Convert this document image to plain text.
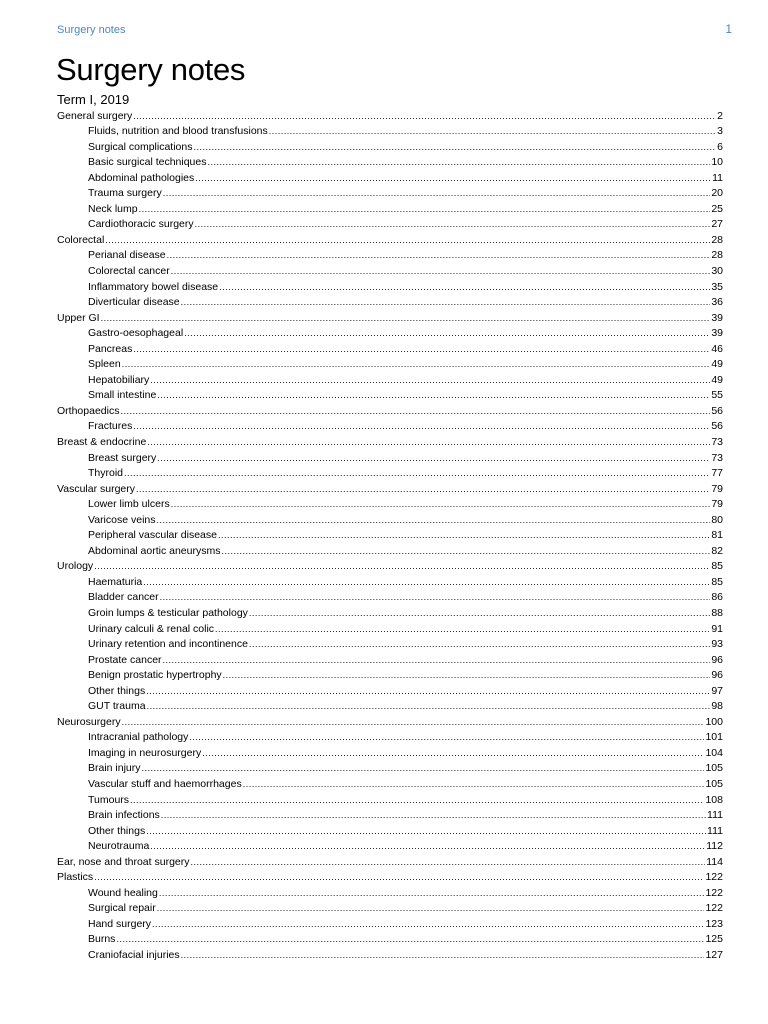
Surgery notes	1
Surgery notes
Term I, 2019
General surgery .....	2
Fluids, nutrition and blood transfusions .....	3
Surgical complications .....	6
Basic surgical techniques .....	10
Abdominal pathologies .....	11
Trauma surgery .....	20
Neck lump .....	25
Cardiothoracic surgery .....	27
Colorectal .....	28
Perianal disease .....	28
Colorectal cancer .....	30
Inflammatory bowel disease .....	35
Diverticular disease .....	36
Upper GI .....	39
Gastro-oesophageal .....	39
Pancreas .....	46
Spleen .....	49
Hepatobiliary .....	49
Small intestine .....	55
Orthopaedics .....	56
Fractures .....	56
Breast & endocrine .....	73
Breast surgery .....	73
Thyroid .....	77
Vascular surgery .....	79
Lower limb ulcers .....	79
Varicose veins .....	80
Peripheral vascular disease .....	81
Abdominal aortic aneurysms .....	82
Urology .....	85
Haematuria .....	85
Bladder cancer .....	86
Groin lumps & testicular pathology .....	88
Urinary calculi & renal colic .....	91
Urinary retention and incontinence .....	93
Prostate cancer .....	96
Benign prostatic hypertrophy .....	96
Other things .....	97
GUT trauma .....	98
Neurosurgery .....	100
Intracranial pathology .....	101
Imaging in neurosurgery .....	104
Brain injury .....	105
Vascular stuff and haemorrhages .....	105
Tumours .....	108
Brain infections .....	111
Other things .....	111
Neurotrauma .....	112
Ear, nose and throat surgery .....	114
Plastics .....	122
Wound healing .....	122
Surgical repair .....	122
Hand surgery .....	123
Burns .....	125
Craniofacial injuries .....	127
